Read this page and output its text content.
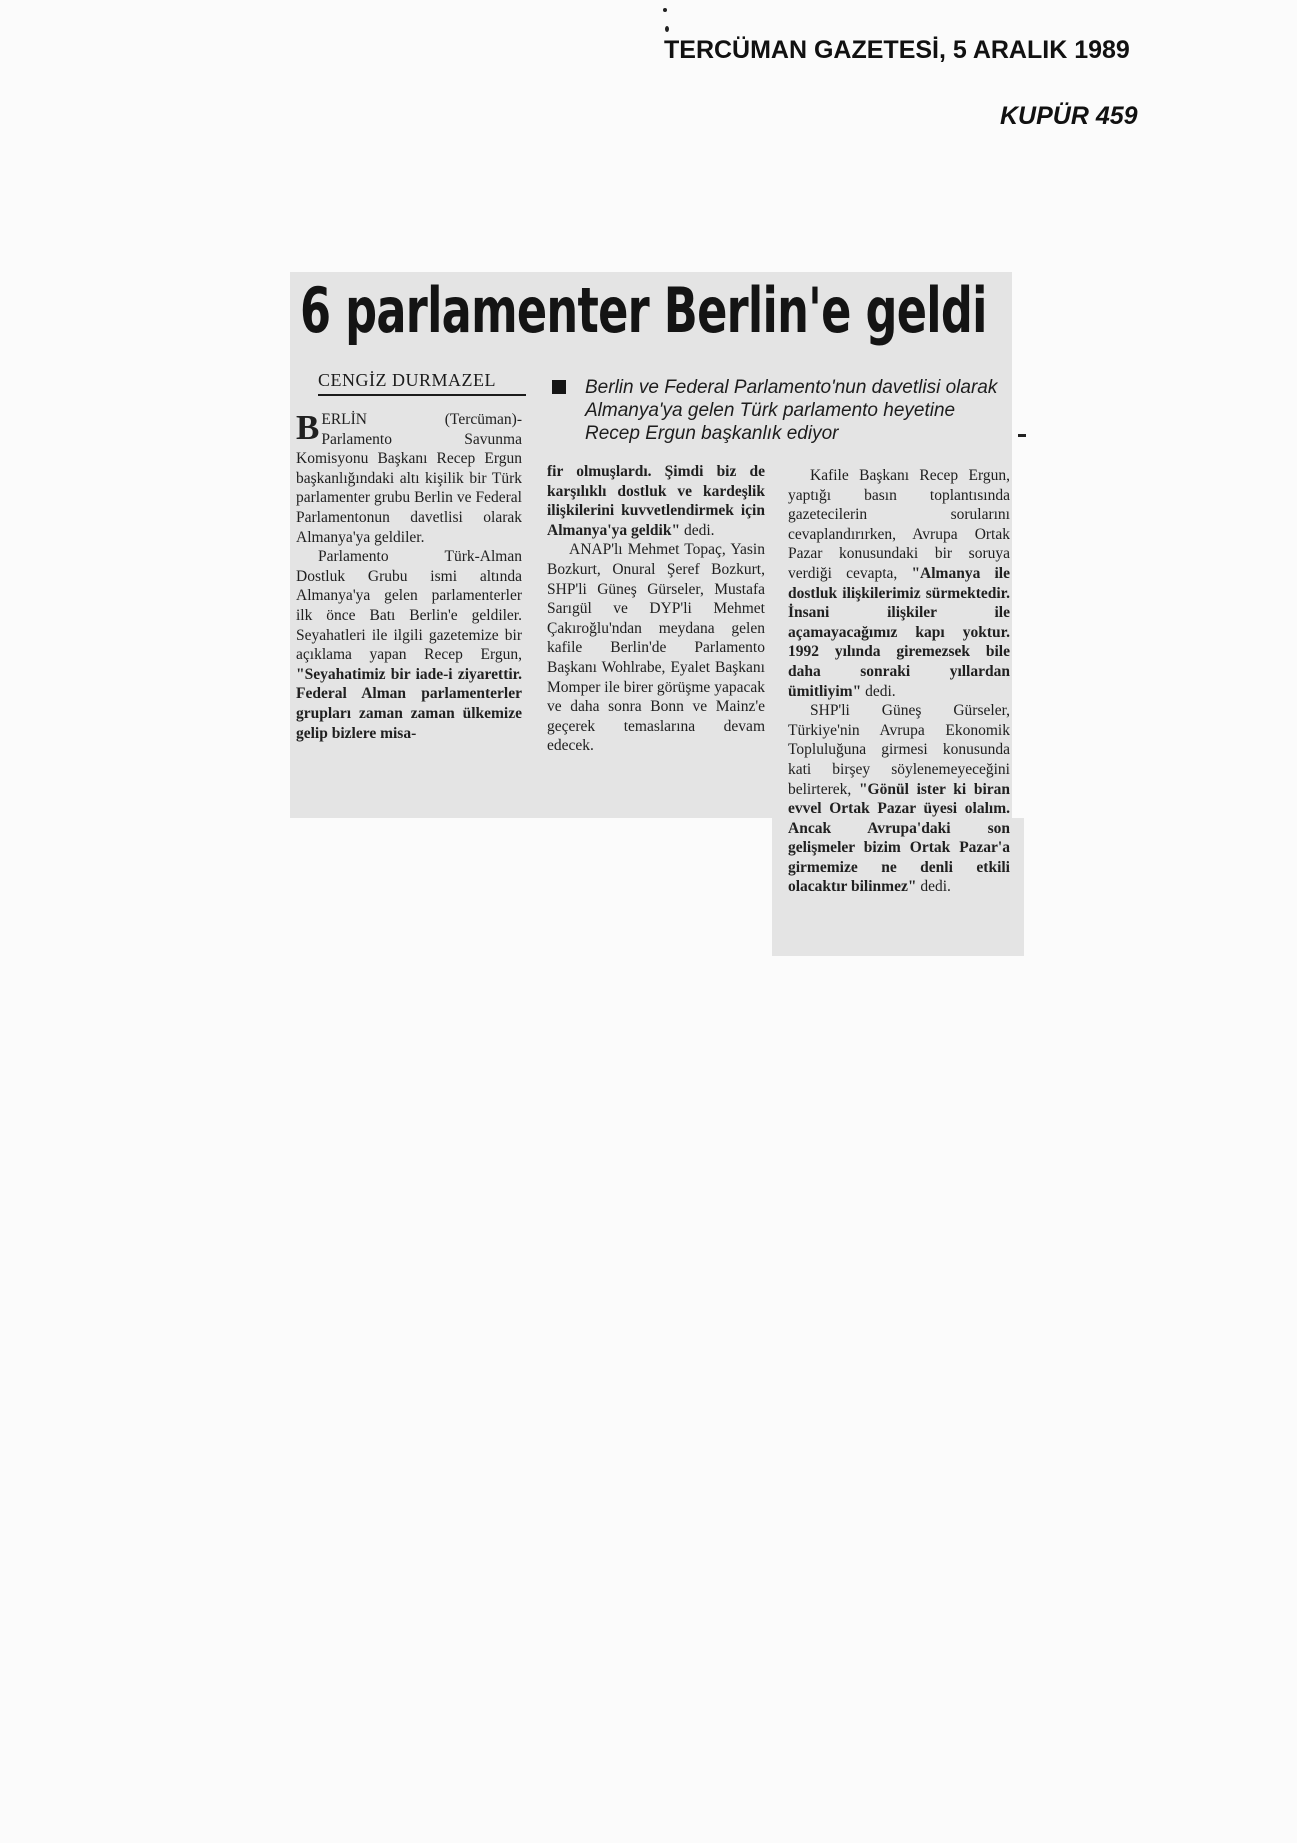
TERCÜMAN GAZETESİ, 5 ARALIK 1989
KUPÜR 459
6 parlamenter Berlin'e geldi
CENGİZ DURMAZEL	Berlin ve Federal Parlamento'nun davetlisi olarak Almanya'ya gelen Türk parlamento heyetine Recep Ergun başkanlık ediyor

BERLİN (Tercüman)- Parlamento Savunma Komisyonu Başkanı Recep Ergun başkanlığındaki altı kişilik bir Türk parlamenter grubu Berlin ve Federal Parlamentonun davetlisi olarak Almanya'ya geldiler.

Parlamento Türk-Alman Dostluk Grubu ismi altında Almanya'ya gelen parlamenterler ilk önce Batı Berlin'e geldiler. Seyahatleri ile ilgili gazetemize bir açıklama yapan Recep Ergun, "Seyahatimiz bir iade-i ziyarettir. Federal Alman parlamenterler grupları zaman zaman ülkemize gelip bizlere misa-

fir olmuşlardı. Şimdi biz de karşılıklı dostluk ve kardeşlik ilişkilerini kuvvetlendirmek için Almanya'ya geldik" dedi.

ANAP'lı Mehmet Topaç, Yasin Bozkurt, Onural Şeref Bozkurt, SHP'li Güneş Gürseler, Mustafa Sarıgül ve DYP'li Mehmet Çakıroğlu'ndan meydana gelen kafile Berlin'de Parlamento Başkanı Wohlrabe, Eyalet Başkanı Momper ile birer görüşme yapacak ve daha sonra Bonn ve Mainz'e geçerek temaslarına devam edecek.

Kafile Başkanı Recep Ergun, yaptığı basın toplantısında gazetecilerin sorularını cevaplandırırken, Avrupa Ortak Pazar konusundaki bir soruya verdiği cevapta, "Almanya ile dostluk ilişkilerimiz sürmektedir. İnsani ilişkiler ile açamayacağımız kapı yoktur. 1992 yılında giremezsek bile daha sonraki yıllardan ümitliyim" dedi.

SHP'li Güneş Gürseler, Türkiye'nin Avrupa Ekonomik Topluluğuna girmesi konusunda kati birşey söylenemeyeceğini belirterek, "Gönül ister ki biran evvel Ortak Pazar üyesi olalım. Ancak Avrupa'daki son gelişmeler bizim Ortak Pazar'a girmemize ne denli etkili olacaktır bilinmez" dedi.
